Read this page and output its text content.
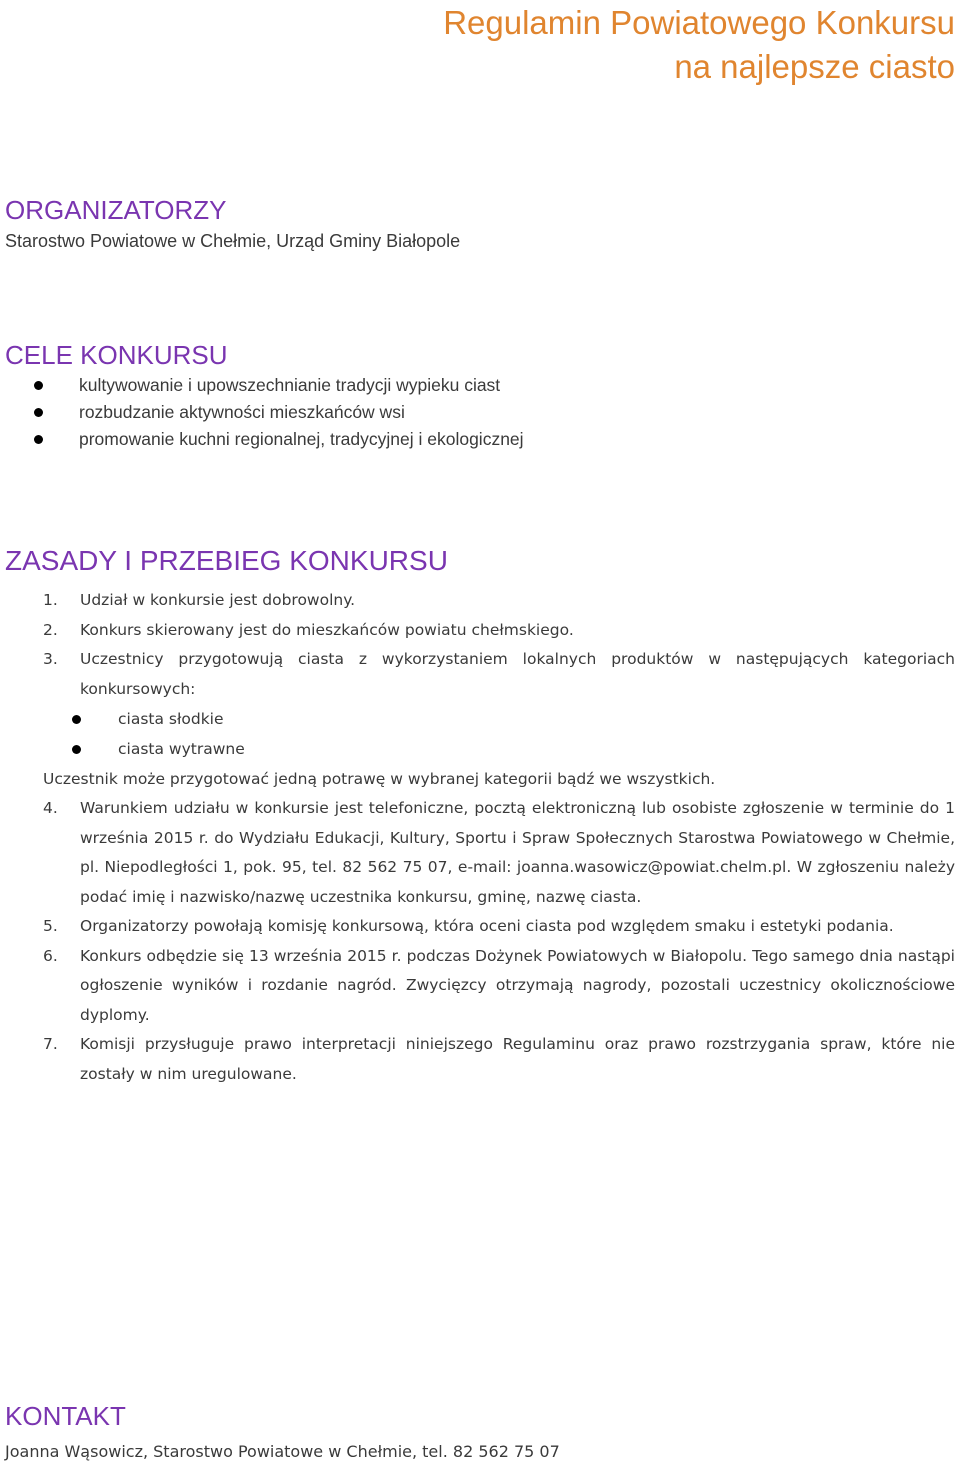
Regulamin Powiatowego Konkursu
na najlepsze ciasto
ORGANIZATORZY
Starostwo Powiatowe w Chełmie, Urząd Gminy Białopole
CELE KONKURSU
kultywowanie i upowszechnianie tradycji wypieku ciast
rozbudzanie aktywności mieszkańców wsi
promowanie kuchni regionalnej, tradycyjnej i ekologicznej
ZASADY I PRZEBIEG KONKURSU
1. Udział w konkursie jest dobrowolny.

2. Konkurs skierowany jest do mieszkańców powiatu chełmskiego.

3. Uczestnicy przygotowują ciasta z wykorzystaniem lokalnych produktów w następujących kategoriach konkursowych:

ciasta słodkie
ciasta wytrawne

Uczestnik może przygotować jedną potrawę w wybranej kategorii bądź we wszystkich.

4. Warunkiem udziału w konkursie jest telefoniczne, pocztą elektroniczną lub osobiste zgłoszenie w terminie do 1 września 2015 r. do Wydziału Edukacji, Kultury, Sportu i Spraw Społecznych Starostwa Powiatowego w Chełmie, pl. Niepodległości 1, pok. 95, tel. 82 562 75 07, e-mail: joanna.wasowicz@powiat.chelm.pl. W zgłoszeniu należy podać imię i nazwisko/nazwę uczestnika konkursu, gminę, nazwę ciasta.

5. Organizatorzy powołają komisję konkursową, która oceni ciasta pod względem smaku i estetyki podania.

6. Konkurs odbędzie się 13 września 2015 r. podczas Dożynek Powiatowych w Białopolu. Tego samego dnia nastąpi ogłoszenie wyników i rozdanie nagród. Zwycięzcy otrzymają nagrody, pozostali uczestnicy okolicznościowe dyplomy.

7. Komisji przysługuje prawo interpretacji niniejszego Regulaminu oraz prawo rozstrzygania spraw, które nie zostały w nim uregulowane.

KONTAKT
Joanna Wąsowicz, Starostwo Powiatowe w Chełmie, tel. 82 562 75 07
